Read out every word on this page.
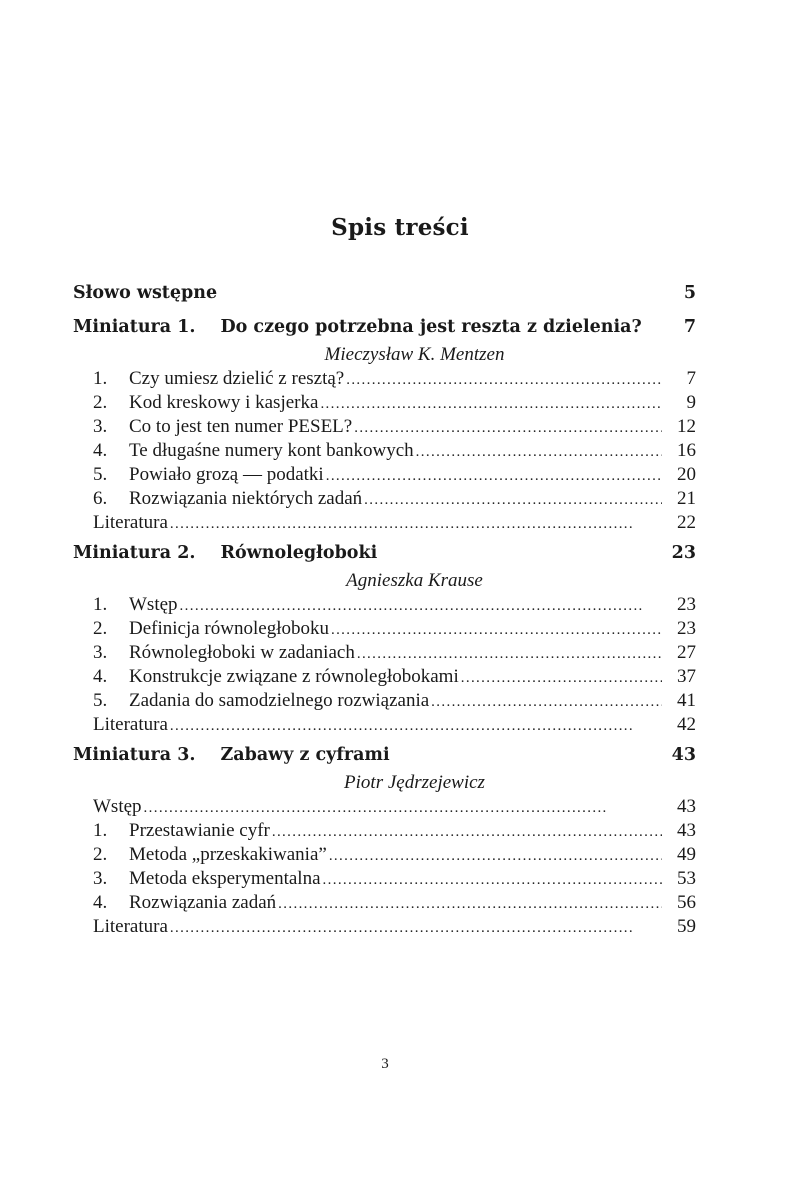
Spis treści
Słowo wstępne	5
Miniatura 1. Do czego potrzebna jest reszta z dzielenia?	7
Mieczysław K. Mentzen
1.	Czy umiesz dzielić z resztą? . . .	7
2.	Kod kreskowy i kasjerka . . .	9
3.	Co to jest ten numer PESEL? . . .	12
4.	Te długaśne numery kont bankowych . . .	16
5.	Powiało grozą — podatki . . .	20
6.	Rozwiązania niektórych zadań . . .	21
Literatura . . .	22
Miniatura 2. Równoległoboki	23
Agnieszka Krause
1.	Wstęp . . .	23
2.	Definicja równoległoboku . . .	23
3.	Równoległoboki w zadaniach . . .	27
4.	Konstrukcje związane z równoległobokami . . .	37
5.	Zadania do samodzielnego rozwiązania . . .	41
Literatura . . .	42
Miniatura 3. Zabawy z cyframi	43
Piotr Jędrzejewicz
Wstęp . . .	43
1.	Przestawianie cyfr . . .	43
2.	Metoda „przeskakiwania” . . .	49
3.	Metoda eksperymentalna . . .	53
4.	Rozwiązania zadań . . .	56
Literatura . . .	59
3
